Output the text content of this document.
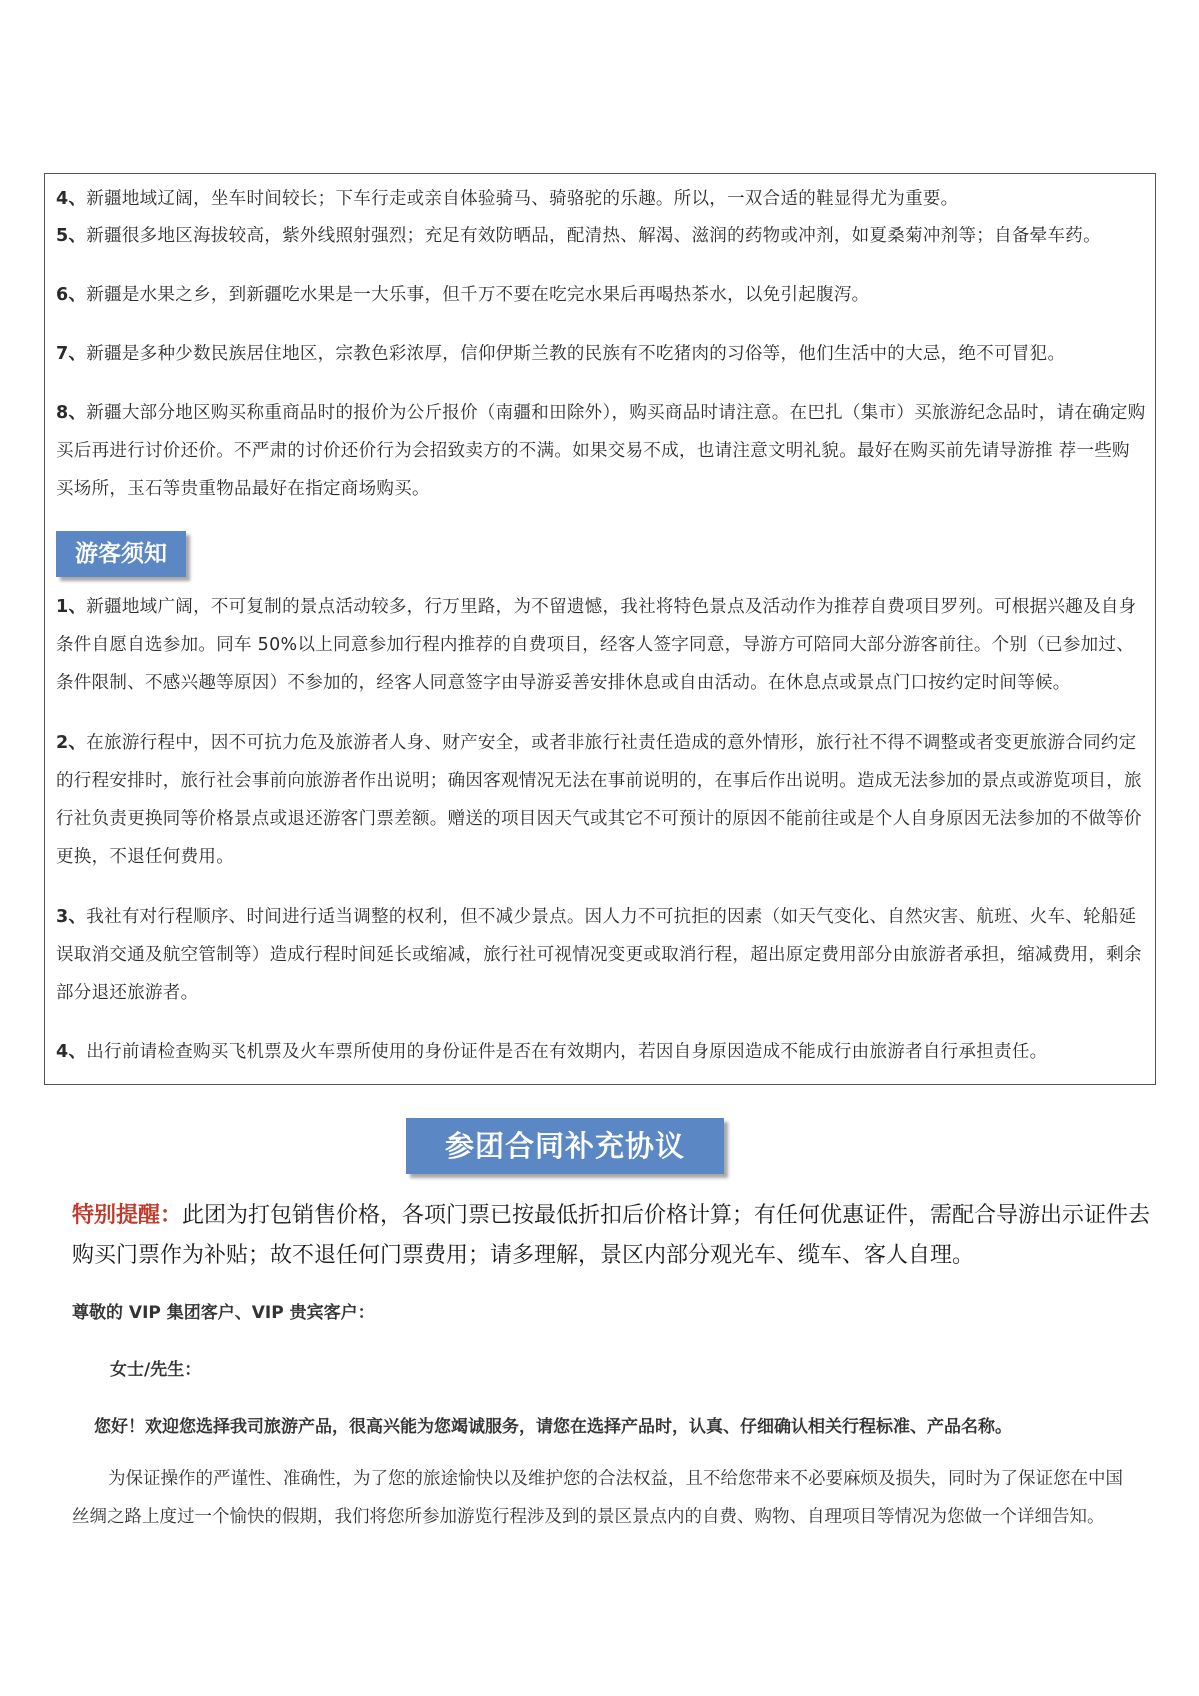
4、新疆地域辽阔，坐车时间较长；下车行走或亲自体验骑马、骑骆驼的乐趣。所以，一双合适的鞋显得尤为重要。

5、新疆很多地区海拔较高，紫外线照射强烈；充足有效防晒品，配清热、解渴、滋润的药物或冲剂，如夏桑菊冲剂等；自备晕车药。

6、新疆是水果之乡，到新疆吃水果是一大乐事，但千万不要在吃完水果后再喝热茶水，以免引起腹泻。

7、新疆是多种少数民族居住地区，宗教色彩浓厚，信仰伊斯兰教的民族有不吃猪肉的习俗等，他们生活中的大忌，绝不可冒犯。

8、新疆大部分地区购买称重商品时的报价为公斤报价（南疆和田除外），购买商品时请注意。在巴扎（集市）买旅游纪念品时，请在确定购买后再进行讨价还价。不严肃的讨价还价行为会招致卖方的不满。如果交易不成，也请注意文明礼貌。最好在购买前先请导游推 荐一些购买场所，玉石等贵重物品最好在指定商场购买。

游客须知

1、新疆地域广阔，不可复制的景点活动较多，行万里路，为不留遗憾，我社将特色景点及活动作为推荐自费项目罗列。可根据兴趣及自身条件自愿自选参加。同车 50%以上同意参加行程内推荐的自费项目，经客人签字同意，导游方可陪同大部分游客前往。个别（已参加过、条件限制、不感兴趣等原因）不参加的，经客人同意签字由导游妥善安排休息或自由活动。在休息点或景点门口按约定时间等候。

2、在旅游行程中，因不可抗力危及旅游者人身、财产安全，或者非旅行社责任造成的意外情形，旅行社不得不调整或者变更旅游合同约定的行程安排时，旅行社会事前向旅游者作出说明；确因客观情况无法在事前说明的，在事后作出说明。造成无法参加的景点或游览项目，旅行社负责更换同等价格景点或退还游客门票差额。赠送的项目因天气或其它不可预计的原因不能前往或是个人自身原因无法参加的不做等价更换，不退任何费用。

3、我社有对行程顺序、时间进行适当调整的权利，但不减少景点。因人力不可抗拒的因素（如天气变化、自然灾害、航班、火车、轮船延误取消交通及航空管制等）造成行程时间延长或缩减，旅行社可视情况变更或取消行程，超出原定费用部分由旅游者承担，缩减费用，剩余部分退还旅游者。

4、出行前请检查购买飞机票及火车票所使用的身份证件是否在有效期内，若因自身原因造成不能成行由旅游者自行承担责任。

参团合同补充协议

特别提醒：此团为打包销售价格，各项门票已按最低折扣后价格计算；有任何优惠证件，需配合导游出示证件去购买门票作为补贴；故不退任何门票费用；请多理解，景区内部分观光车、缆车、客人自理。

尊敬的 VIP 集团客户、VIP 贵宾客户：

女士/先生：

您好！欢迎您选择我司旅游产品，很高兴能为您竭诚服务，请您在选择产品时，认真、仔细确认相关行程标准、产品名称。

为保证操作的严谨性、准确性，为了您的旅途愉快以及维护您的合法权益，且不给您带来不必要麻烦及损失，同时为了保证您在中国丝绸之路上度过一个愉快的假期，我们将您所参加游览行程涉及到的景区景点内的自费、购物、自理项目等情况为您做一个详细告知。
